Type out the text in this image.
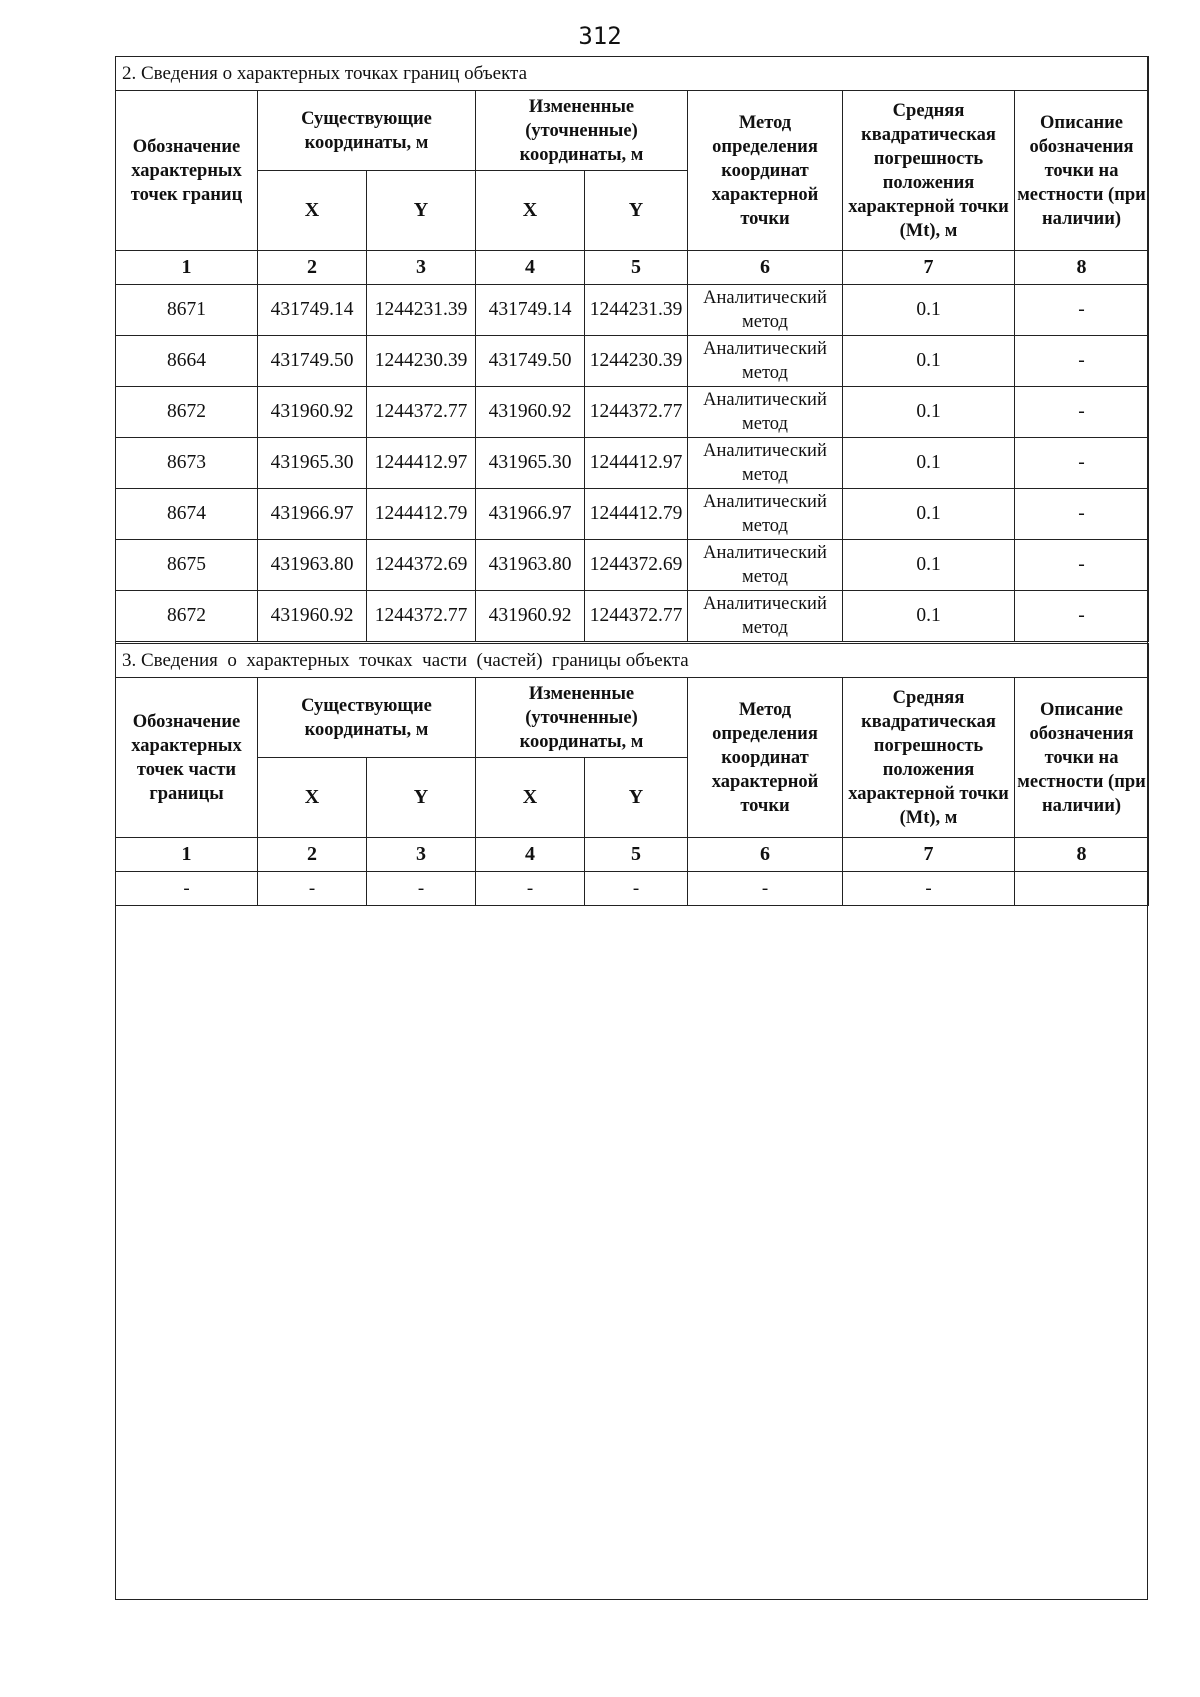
312
2. Сведения о характерных точках границ объекта							
Обозначение характерных точек границ	Существующие координаты, м		Измененные (уточненные) координаты, м		Метод определения координат характерной точки	Средняя квадратическая погрешность положения характерной точки (Mt), м	Описание обозначения точки на местности (при наличии)
	X	Y	X	Y			
1	2	3	4	5	6	7	8
8671	431749.14	1244231.39	431749.14	1244231.39	Аналитический метод	0.1	-
8664	431749.50	1244230.39	431749.50	1244230.39	Аналитический метод	0.1	-
8672	431960.92	1244372.77	431960.92	1244372.77	Аналитический метод	0.1	-
8673	431965.30	1244412.97	431965.30	1244412.97	Аналитический метод	0.1	-
8674	431966.97	1244412.79	431966.97	1244412.79	Аналитический метод	0.1	-
8675	431963.80	1244372.69	431963.80	1244372.69	Аналитический метод	0.1	-
8672	431960.92	1244372.77	431960.92	1244372.77	Аналитический метод	0.1	-
3. Сведения  о  характерных  точках  части  (частей)  границы объекта							
Обозначение характерных точек части границы	Существующие координаты, м		Измененные (уточненные) координаты, м		Метод определения координат характерной точки	Средняя квадратическая погрешность положения характерной точки (Mt), м	Описание обозначения точки на местности (при наличии)
	X	Y	X	Y			
1	2	3	4	5	6	7	8
-	-	-	-	-	-	-	
